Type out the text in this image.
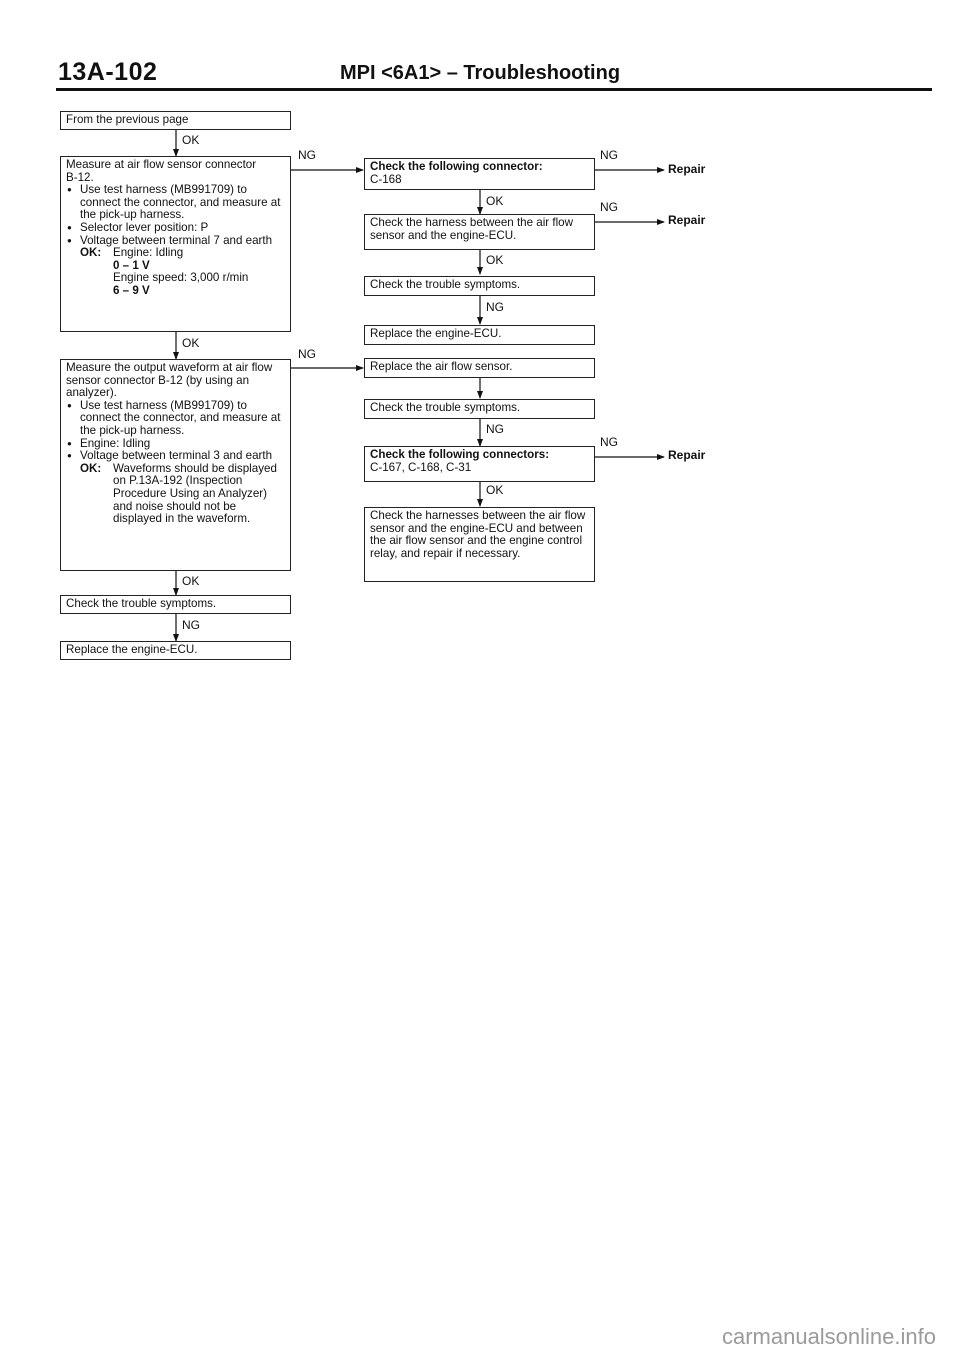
13A-102	MPI <6A1> – Troubleshooting
From the previous page
OK
Measure at air flow sensor connector
B-12.
● Use test harness (MB991709) to connect the connector, and measure at the pick-up harness.
● Selector lever position: P
● Voltage between terminal 7 and earth
OK:	Engine: Idling
0 – 1 V
Engine speed: 3,000 r/min
6 – 9 V
NG
OK
Measure the output waveform at air flow sensor connector B-12 (by using an analyzer).
● Use test harness (MB991709) to connect the connector, and measure at the pick-up harness.
● Engine: Idling
● Voltage between terminal 3 and earth
OK:	Waveforms should be displayed on P.13A-192 (Inspection Procedure Using an Analyzer) and noise should not be displayed in the waveform.
NG
OK
Check the trouble symptoms.
NG
Replace the engine-ECU.
Check the following connector:
C-168
NG
Repair
OK
Check the harness between the air flow sensor and the engine-ECU.
NG
Repair
OK
Check the trouble symptoms.
NG
Replace the engine-ECU.
Replace the air flow sensor.
Check the trouble symptoms.
NG
Check the following connectors:
C-167, C-168, C-31
NG
Repair
OK
Check the harnesses between the air flow sensor and the engine-ECU and between the air flow sensor and the engine control relay, and repair if necessary.
carmanualsonline.info
